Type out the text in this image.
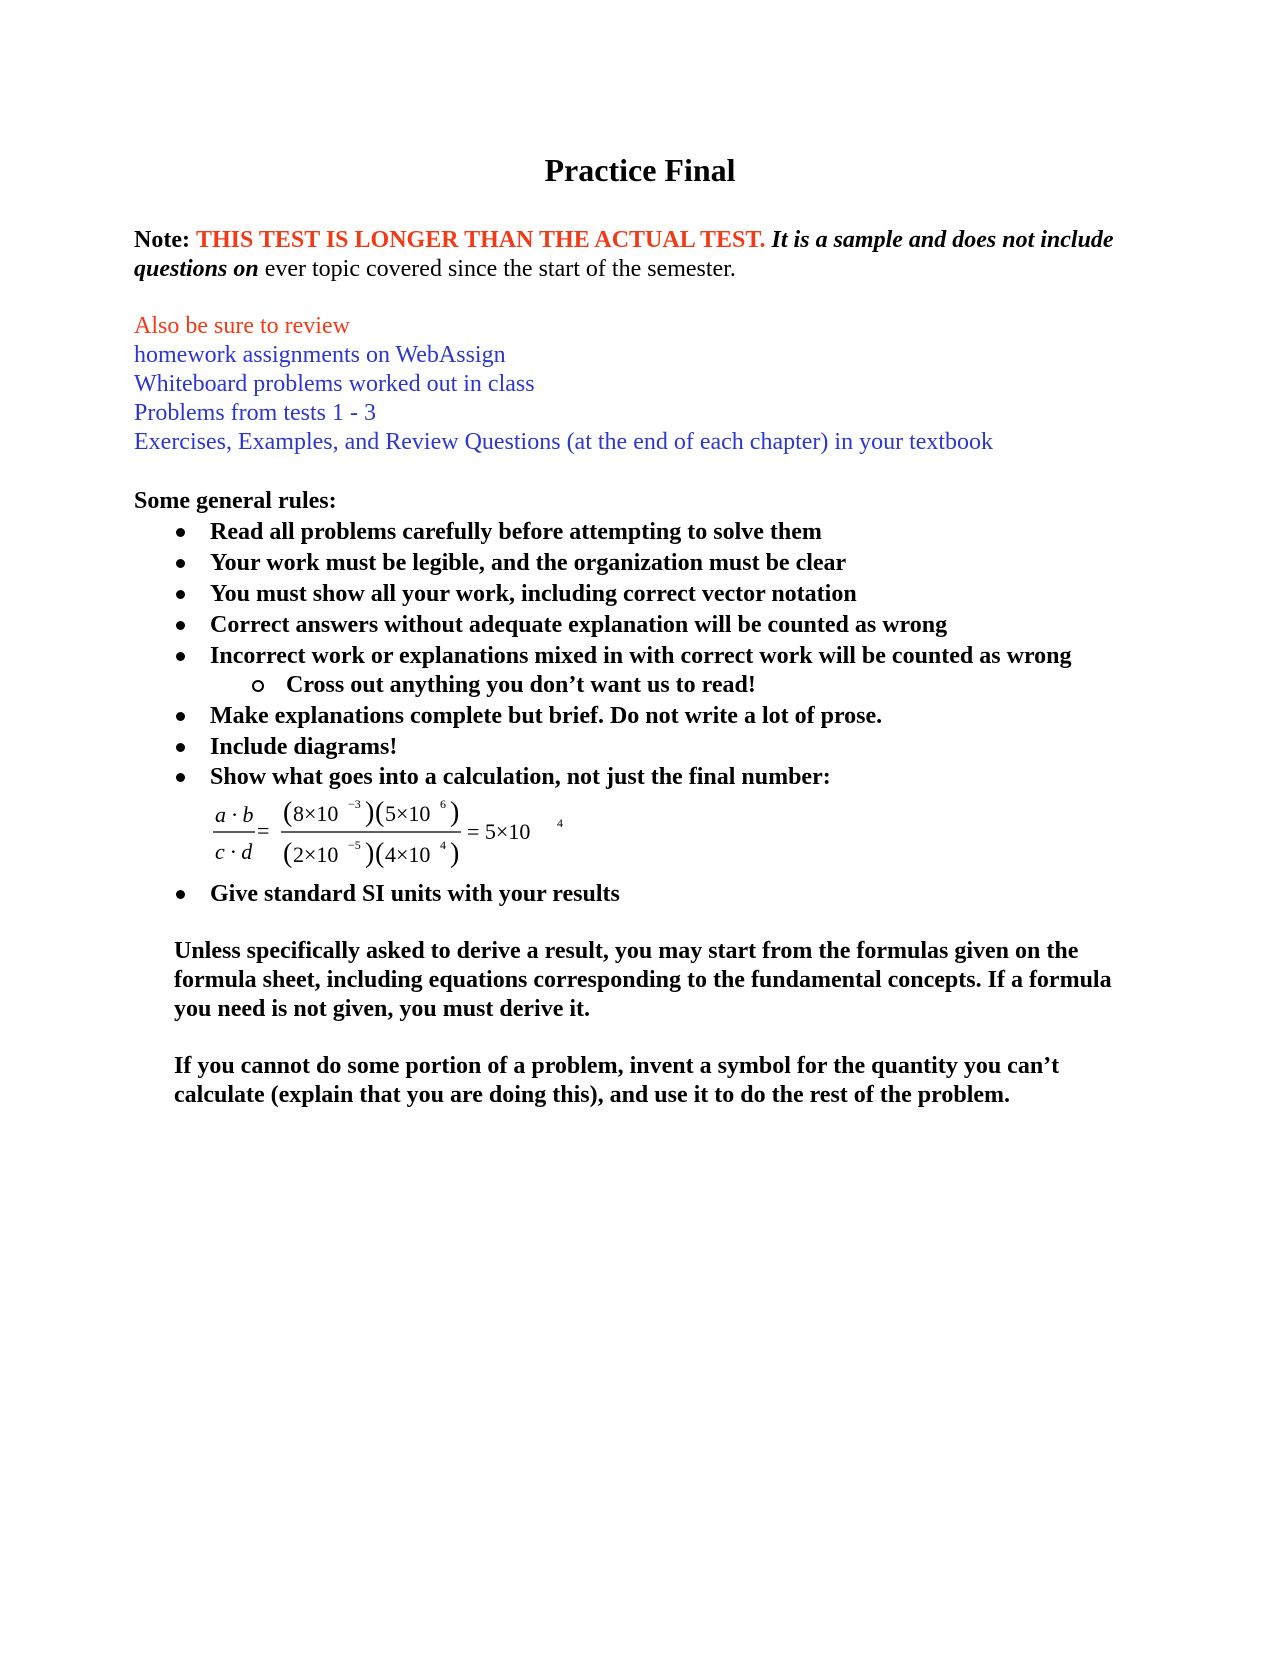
Practice Final
Note: THIS TEST IS LONGER THAN THE ACTUAL TEST. It is a sample and does not include questions on ever topic covered since the start of the semester.
Also be sure to review
homework assignments on WebAssign
Whiteboard problems worked out in class
Problems from tests 1 - 3
Exercises, Examples, and Review Questions (at the end of each chapter) in your textbook
Some general rules:
Read all problems carefully before attempting to solve them
Your work must be legible, and the organization must be clear
You must show all your work, including correct vector notation
Correct answers without adequate explanation will be counted as wrong
Incorrect work or explanations mixed in with correct work will be counted as wrong
Cross out anything you don’t want us to read!
Make explanations complete but brief. Do not write a lot of prose.
Include diagrams!
Show what goes into a calculation, not just the final number:
a · b
c · d
=
( 8×10 −3 ) ( 5×10 6 )
( 2×10 −5 ) ( 4×10 4 )
= 5×10 4
Give standard SI units with your results
Unless specifically asked to derive a result, you may start from the formulas given on the formula sheet, including equations corresponding to the fundamental concepts. If a formula you need is not given, you must derive it.
If you cannot do some portion of a problem, invent a symbol for the quantity you can’t calculate (explain that you are doing this), and use it to do the rest of the problem.
